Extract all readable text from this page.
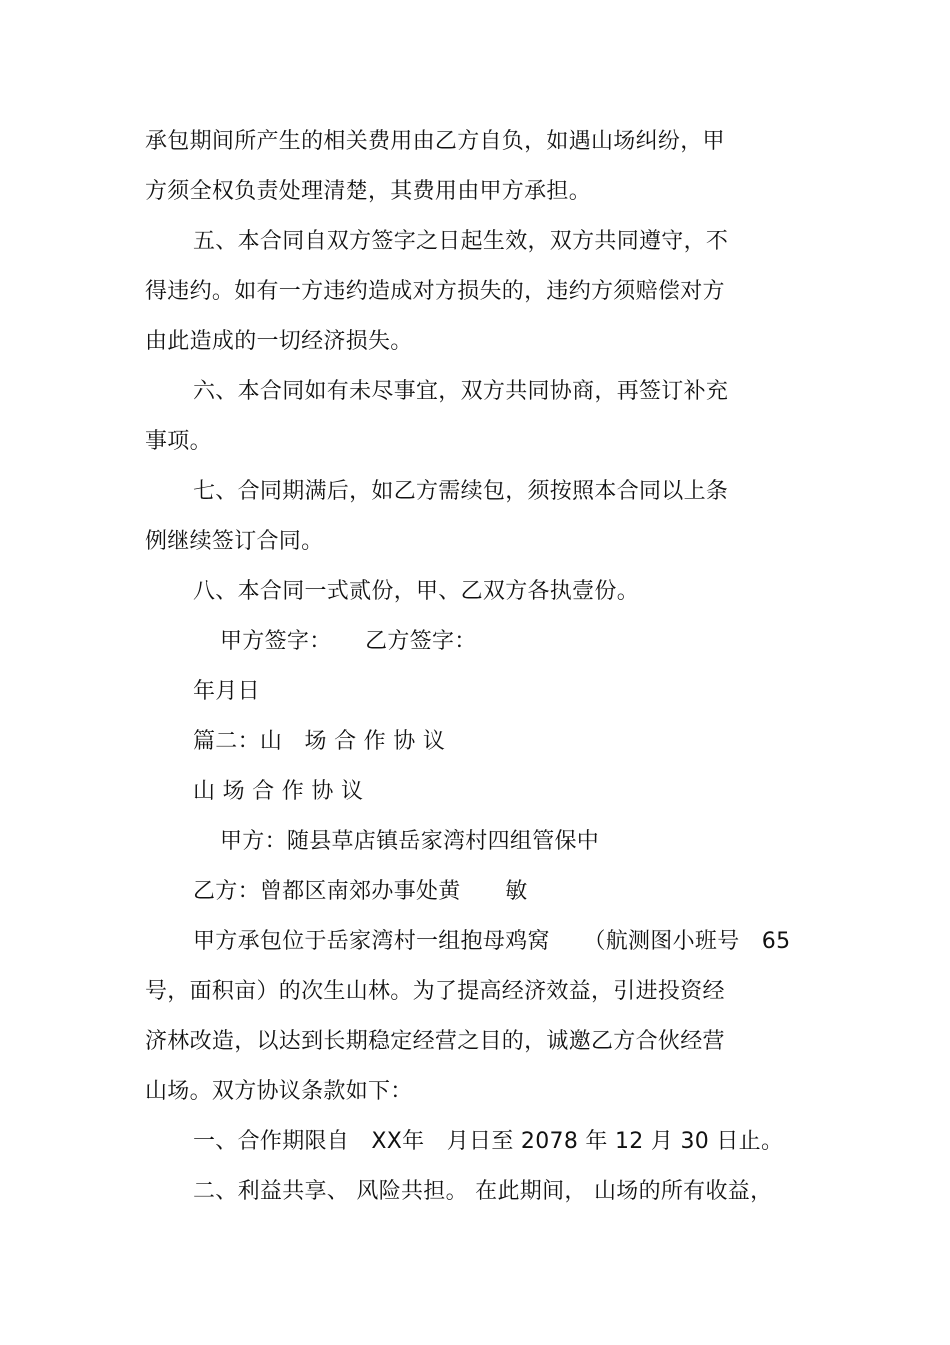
承包期间所产生的相关费用由乙方自负，如遇山场纠纷，甲
方须全权负责处理清楚，其费用由甲方承担。
五、本合同自双方签字之日起生效，双方共同遵守，不
得违约。如有一方违约造成对方损失的，违约方须赔偿对方
由此造成的一切经济损失。
六、本合同如有未尽事宜，双方共同协商，再签订补充
事项。
七、合同期满后，如乙方需续包，须按照本合同以上条
例继续签订合同。
八、本合同一式贰份，甲、乙双方各执壹份。
甲方签字：　　乙方签字：
年月日
篇二：山　场 合 作 协 议
山 场 合 作 协 议
甲方：随县草店镇岳家湾村四组管保中
乙方：曾都区南郊办事处黄　　敏
甲方承包位于岳家湾村一组抱母鸡窝　　（航测图小班号　65
号，面积亩）的次生山林。为了提高经济效益，引进投资经
济林改造，以达到长期稳定经营之目的，诚邀乙方合伙经营
山场。双方协议条款如下：
一、合作期限自　XX年　月日至 2078 年 12 月 30 日止。
二、利益共享、 风险共担。 在此期间， 山场的所有收益，
